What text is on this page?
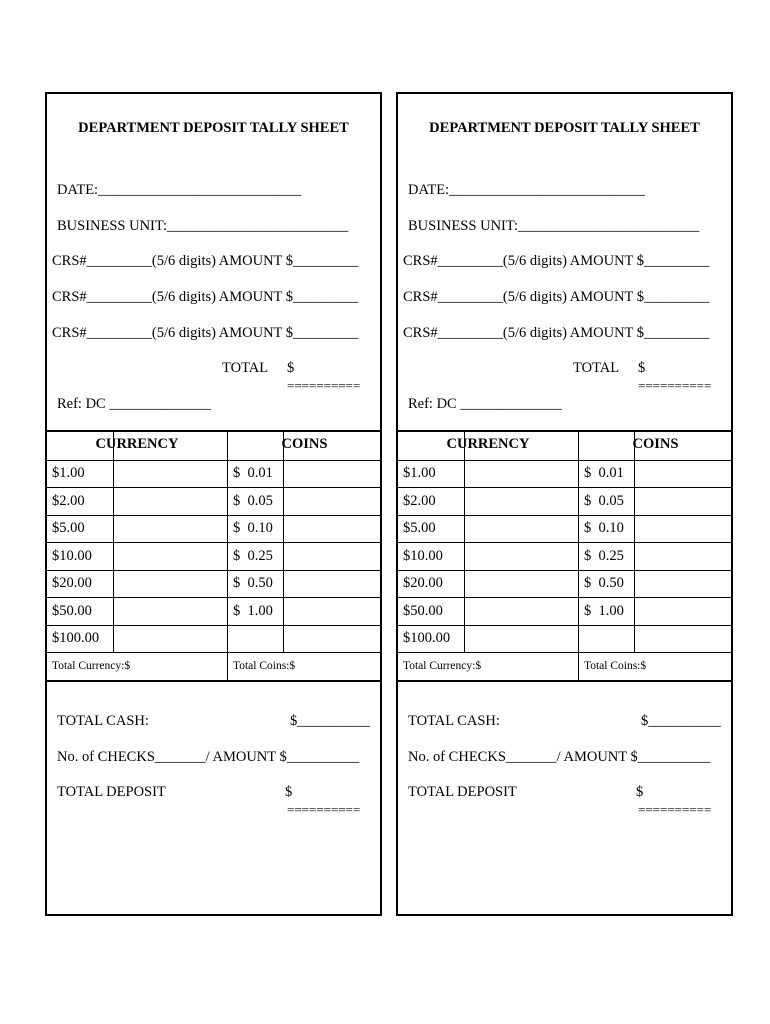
DEPARTMENT DEPOSIT TALLY SHEET
DATE:____________________________
BUSINESS UNIT:_________________________
CRS#_________(5/6 digits) AMOUNT $_________
CRS#_________(5/6 digits) AMOUNT $_________
CRS#_________(5/6 digits) AMOUNT $_________
TOTAL $
==========
Ref: DC ______________
CURRENCY	COINS
$1.00	$  0.01
$2.00	$  0.05
$5.00	$  0.10
$10.00	$  0.25
$20.00	$  0.50
$50.00	$  1.00
$100.00
Total Currency:$	Total Coins:$
TOTAL CASH:	$__________
No. of CHECKS_______/ AMOUNT $__________
TOTAL DEPOSIT	$
==========
DEPARTMENT DEPOSIT TALLY SHEET
DATE:___________________________
BUSINESS UNIT:_________________________
CRS#_________(5/6 digits) AMOUNT $_________
CRS#_________(5/6 digits) AMOUNT $_________
CRS#_________(5/6 digits) AMOUNT $_________
TOTAL $
==========
Ref: DC ______________
CURRENCY	COINS
$1.00	$  0.01
$2.00	$  0.05
$5.00	$  0.10
$10.00	$  0.25
$20.00	$  0.50
$50.00	$  1.00
$100.00
Total Currency:$	Total Coins:$
TOTAL CASH:	$__________
No. of CHECKS_______/ AMOUNT $__________
TOTAL DEPOSIT	$
==========
